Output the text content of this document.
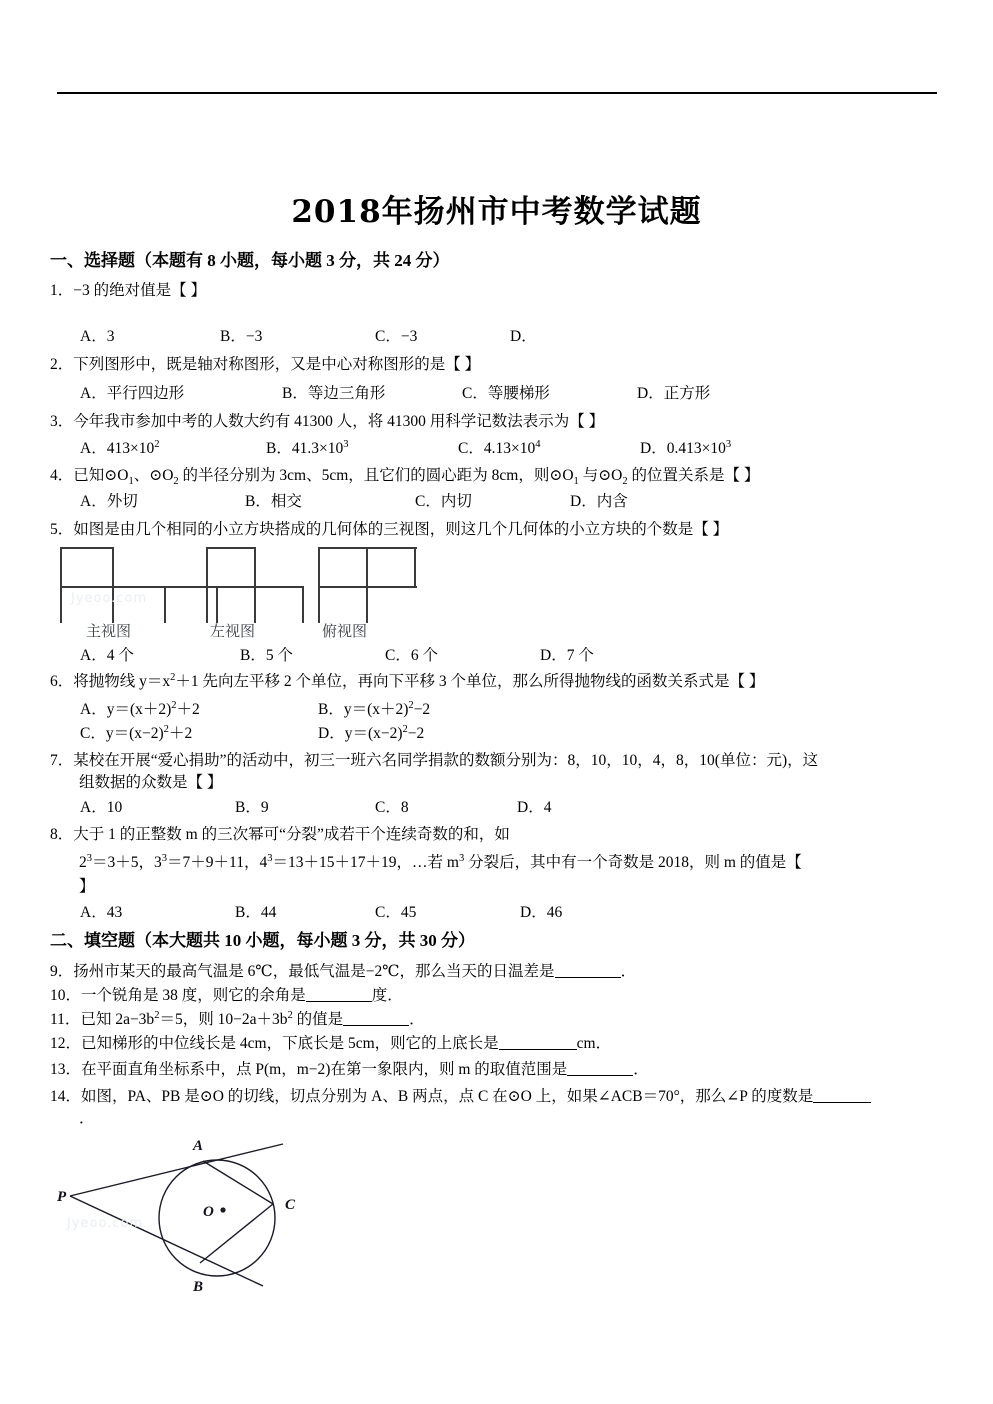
2018年扬州市中考数学试题
一、选择题（本题有 8 小题，每小题 3 分，共 24 分）
1．−3 的绝对值是【 】
A．3	B．−3	C．−3	D．
2．下列图形中，既是轴对称图形，又是中心对称图形的是【 】
A．平行四边形	B．等边三角形	C．等腰梯形	D．正方形
3．今年我市参加中考的人数大约有 41300 人，将 41300 用科学记数法表示为【 】
A．$413\times 10^2$	B．$41.3\times 10^3$	C．$4.13\times 10^4$	D．$0.413\times 10^3$
4．已知$⊙O_1$、$⊙O_2$ 的半径分别为 3cm、5cm，且它们的圆心距为 8cm，则$⊙O_1$ 与$⊙O_2$ 的位置关系是【 】
A．外切	B．相交	C．内切	D．内含
5．如图是由几个相同的小立方块搭成的几何体的三视图，则这几个几何体的小立方块的个数是【 】
主视图	左视图	俯视图
Jyeoo.com
A．4 个	B．5 个	C．6 个	D．7 个
6．将抛物线 $y=x^2+1$ 先向左平移 2 个单位，再向下平移 3 个单位，那么所得抛物线的函数关系式是【 】
A．$y=(x+2)^2+2$	B．$y=(x+2)^2-2$
C．$y=(x-2)^2+2$	D．$y=(x-2)^2-2$
7．某校在开展“爱心捐助”的活动中，初三一班六名同学捐款的数额分别为：8，10，10，4，8，10(单位：元)，这
组数据的众数是【 】
A．10	B．9	C．8	D．4
8．大于 1 的正整数 m 的三次幂可“分裂”成若干个连续奇数的和，如
$2^3=3+5$，$3^3=7+9+11$，$4^3=13+15+17+19$，…若 $m^3$ 分裂后，其中有一个奇数是 2018，则 m 的值是【
】
A．43	B．44	C．45	D．46
二、填空题（本大题共 10 小题，每小题 3 分，共 30 分）
9．扬州市某天的最高气温是 6℃，最低气温是−2℃，那么当天的日温差是	．
10．一个锐角是 38 度，则它的余角是	度．
11．已知 $2a-3b^2=5$，则 $10-2a+3b^2$ 的值是	．
12．已知梯形的中位线长是 4cm，下底长是 5cm，则它的上底长是	cm．
13．在平面直角坐标系中，点 P(m，m−2)在第一象限内，则 m 的取值范围是	．
14．如图，PA、PB 是⊙O 的切线，切点分别为 A、B 两点，点 C 在⊙O 上，如果∠ACB＝70°，那么∠P 的度数是
．
P
A
B
C
O
Jyeoo.com
